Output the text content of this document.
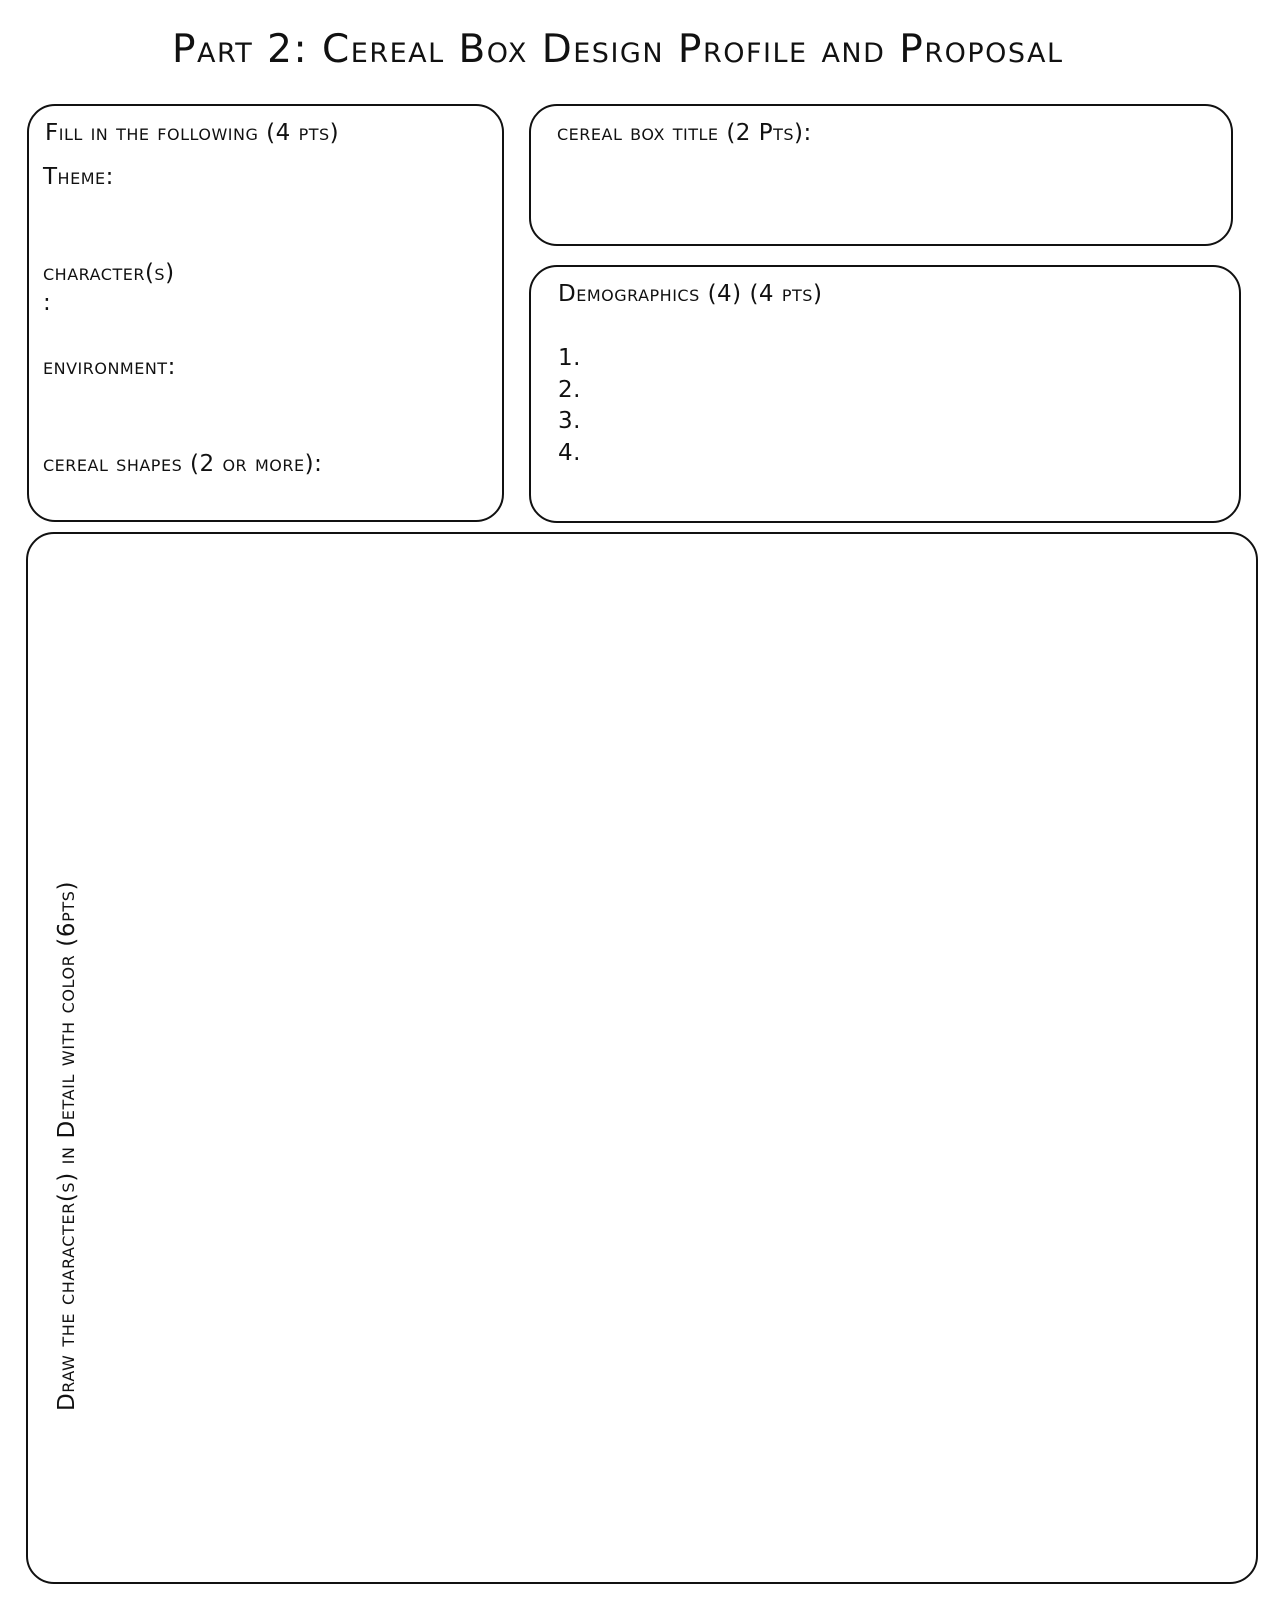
Part 2: Cereal Box Design Profile and Proposal
Fill in the following (4 pts)
Theme:
character(s)
:
environment:
cereal shapes (2 or more):
cereal box title (2 Pts):
Demographics (4) (4 pts)
1.
2.
3.
4.
Draw the character(s) in Detail with color (6pts)
